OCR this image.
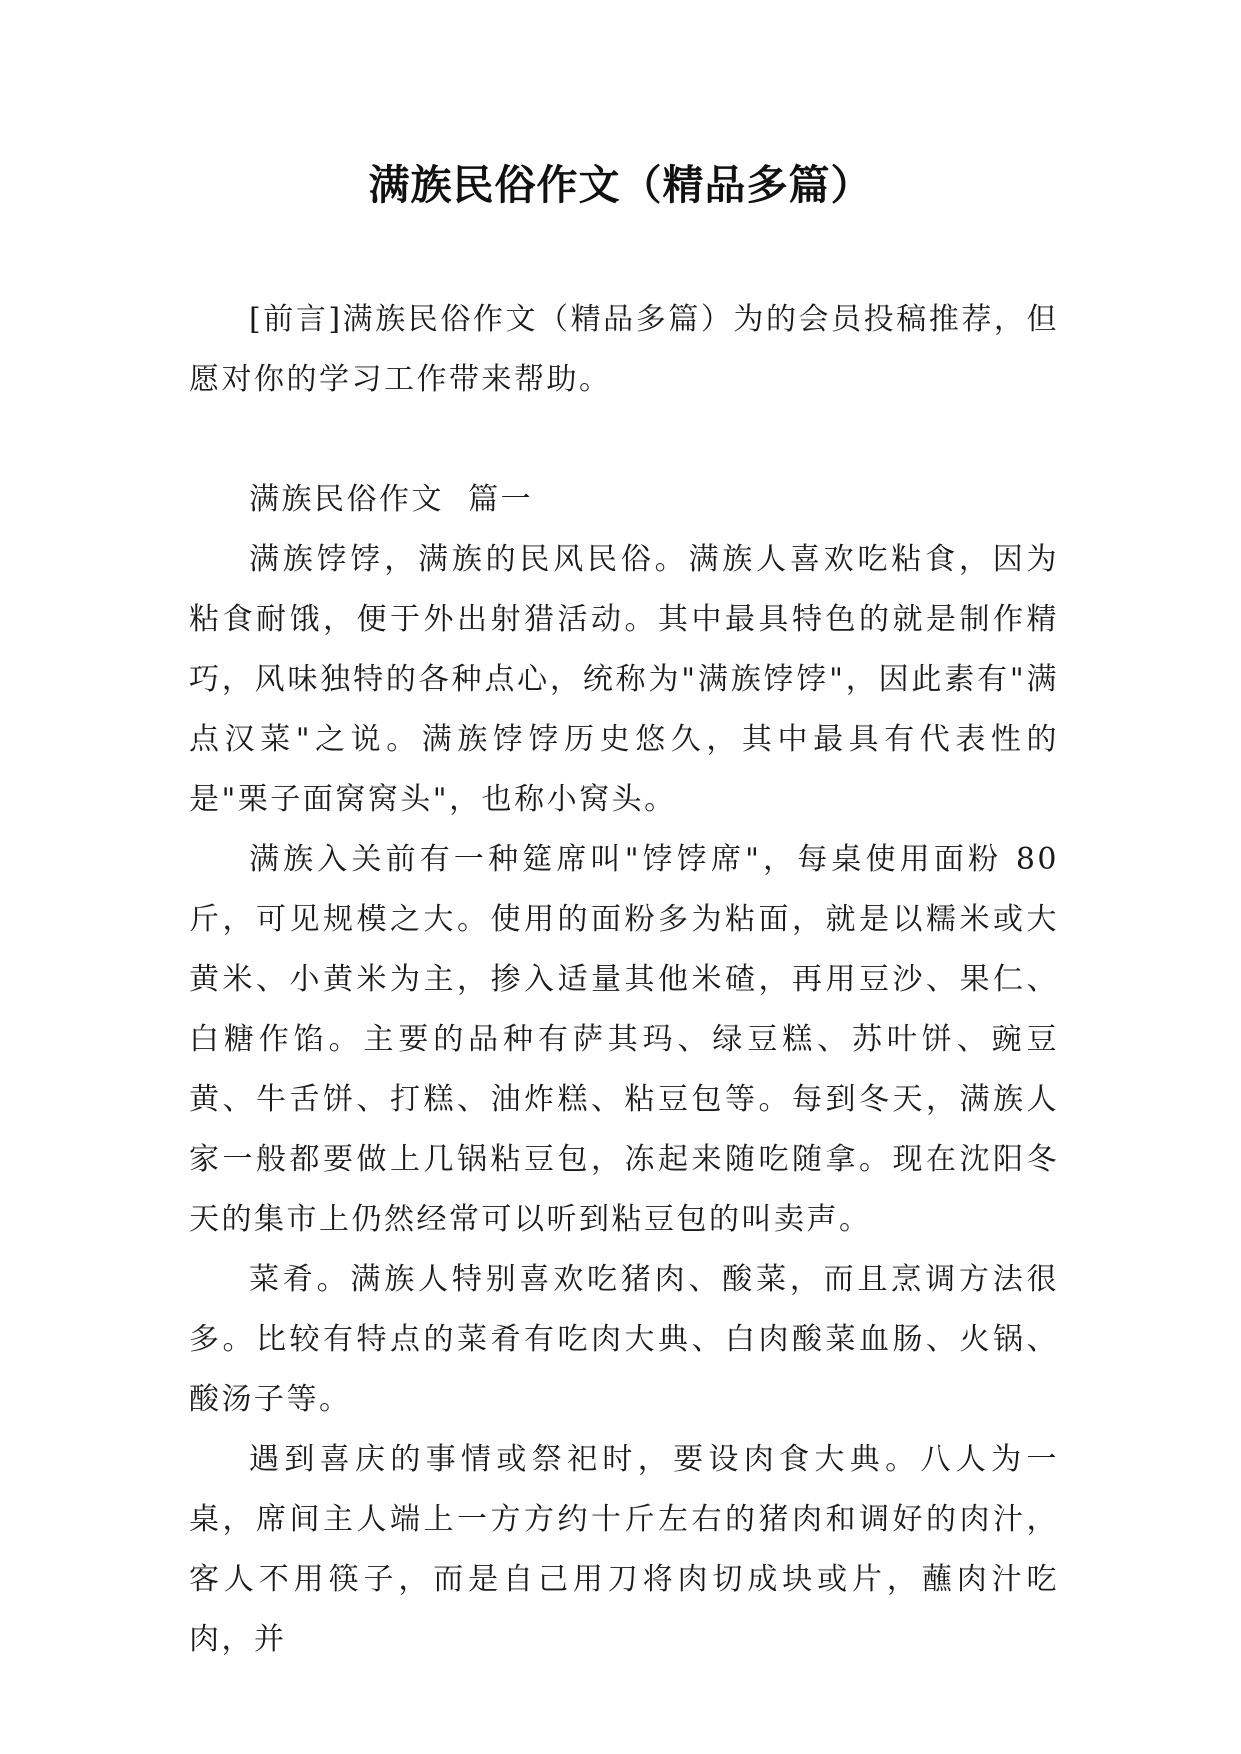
满族民俗作文（精品多篇）

[前言]满族民俗作文（精品多篇）为的会员投稿推荐，但愿对你的学习工作带来帮助。

满族民俗作文  篇一

满族饽饽，满族的民风民俗。满族人喜欢吃粘食，因为粘食耐饿，便于外出射猎活动。其中最具特色的就是制作精巧，风味独特的各种点心，统称为"满族饽饽"，因此素有"满点汉菜"之说。满族饽饽历史悠久，其中最具有代表性的是"栗子面窝窝头"，也称小窝头。

满族入关前有一种筵席叫"饽饽席"，每桌使用面粉 80 斤，可见规模之大。使用的面粉多为粘面，就是以糯米或大黄米、小黄米为主，掺入适量其他米碴，再用豆沙、果仁、白糖作馅。主要的品种有萨其玛、绿豆糕、苏叶饼、豌豆黄、牛舌饼、打糕、油炸糕、粘豆包等。每到冬天，满族人家一般都要做上几锅粘豆包，冻起来随吃随拿。现在沈阳冬天的集市上仍然经常可以听到粘豆包的叫卖声。

菜肴。满族人特别喜欢吃猪肉、酸菜，而且烹调方法很多。比较有特点的菜肴有吃肉大典、白肉酸菜血肠、火锅、酸汤子等。

遇到喜庆的事情或祭祀时，要设肉食大典。八人为一桌，席间主人端上一方方约十斤左右的猪肉和调好的肉汁，客人不用筷子，而是自己用刀将肉切成块或片，蘸肉汁吃肉，并
